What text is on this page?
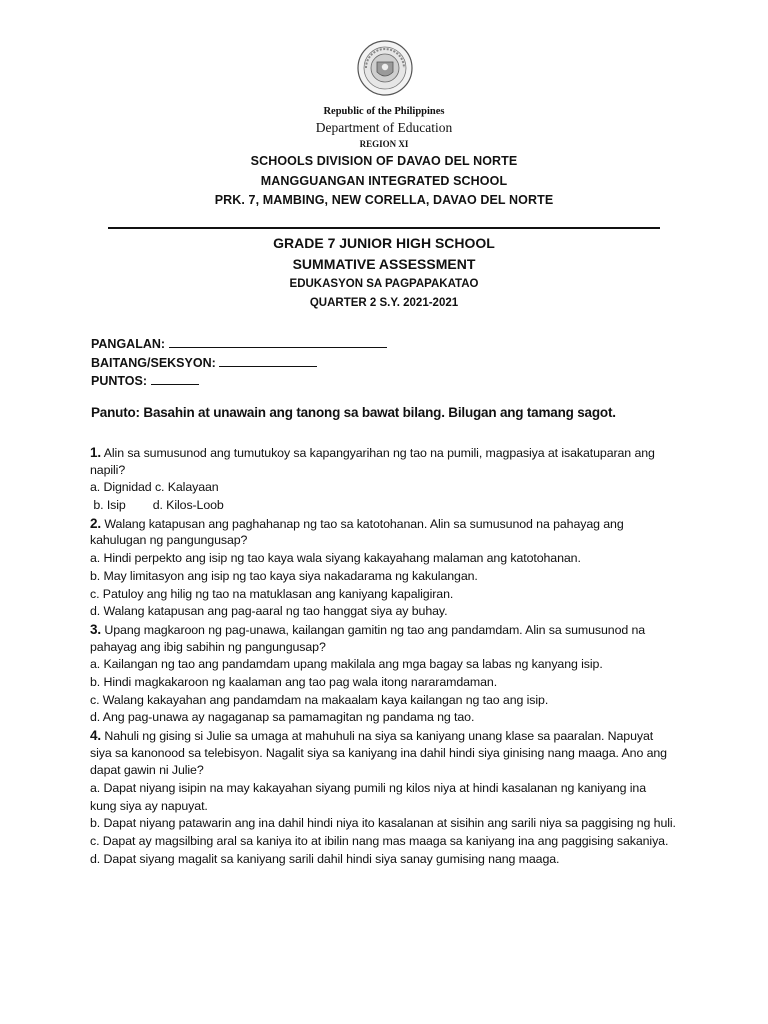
Republic of the Philippines
Department of Education
REGION XI
SCHOOLS DIVISION OF DAVAO DEL NORTE
MANGGUANGAN INTEGRATED SCHOOL
PRK. 7, MAMBING, NEW CORELLA, DAVAO DEL NORTE
GRADE 7 JUNIOR HIGH SCHOOL
SUMMATIVE ASSESSMENT
EDUKASYON SA PAGPAPAKATAO
QUARTER 2 S.Y. 2021-2021
PANGALAN:
BAITANG/SEKSYON:
PUNTOS:
Panuto: Basahin at unawain ang tanong sa bawat bilang. Bilugan ang tamang sagot.
1. Alin sa sumusunod ang tumutukoy sa kapangyarihan ng tao na pumili, magpasiya at isakatuparan ang
napili?
a. Dignidad c. Kalayaan
b. Isip d. Kilos-Loob
2. Walang katapusan ang paghahanap ng tao sa katotohanan. Alin sa sumusunod na pahayag ang
kahulugan ng pangungusap?
a. Hindi perpekto ang isip ng tao kaya wala siyang kakayahang malaman ang katotohanan.
b. May limitasyon ang isip ng tao kaya siya nakadarama ng kakulangan.
c. Patuloy ang hilig ng tao na matuklasan ang kaniyang kapaligiran.
d. Walang katapusan ang pag-aaral ng tao hanggat siya ay buhay.
3. Upang magkaroon ng pag-unawa, kailangan gamitin ng tao ang pandamdam. Alin sa sumusunod na
pahayag ang ibig sabihin ng pangungusap?
a. Kailangan ng tao ang pandamdam upang makilala ang mga bagay sa labas ng kanyang isip.
b. Hindi magkakaroon ng kaalaman ang tao pag wala itong nararamdaman.
c. Walang kakayahan ang pandamdam na makaalam kaya kailangan ng tao ang isip.
d. Ang pag-unawa ay nagaganap sa pamamagitan ng pandama ng tao.
4. Nahuli ng gising si Julie sa umaga at mahuhuli na siya sa kaniyang unang klase sa paaralan. Napuyat
siya sa kanonood sa telebisyon. Nagalit siya sa kaniyang ina dahil hindi siya ginising nang maaga. Ano ang
dapat gawin ni Julie?
a. Dapat niyang isipin na may kakayahan siyang pumili ng kilos niya at hindi kasalanan ng kaniyang ina
kung siya ay napuyat.
b. Dapat niyang patawarin ang ina dahil hindi niya ito kasalanan at sisihin ang sarili niya sa paggising ng huli.
c. Dapat ay magsilbing aral sa kaniya ito at ibilin nang mas maaga sa kaniyang ina ang paggising sakaniya.
d. Dapat siyang magalit sa kaniyang sarili dahil hindi siya sanay gumising nang maaga.
